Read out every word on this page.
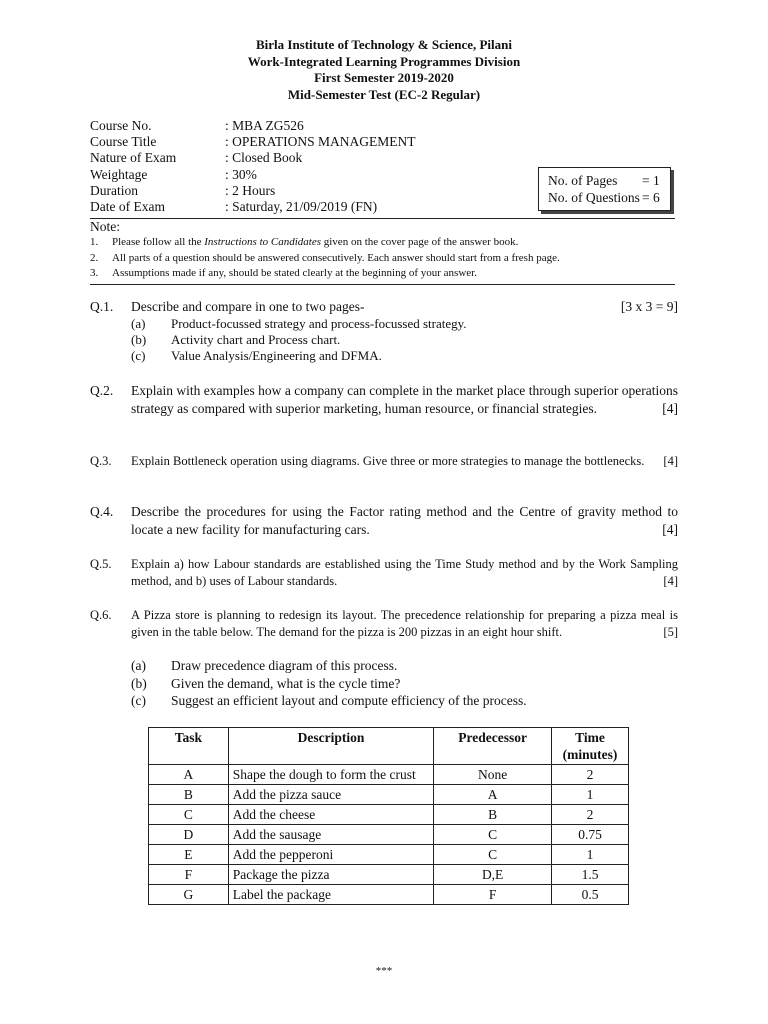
Birla Institute of Technology & Science, Pilani
Work-Integrated Learning Programmes Division
First Semester 2019-2020
Mid-Semester Test (EC-2 Regular)
Course No.	: MBA ZG526
Course Title	: OPERATIONS MANAGEMENT
Nature of Exam	: Closed Book
Weightage	: 30%
Duration	: 2 Hours
Date of Exam	: Saturday, 21/09/2019 (FN)
No. of Pages = 1
No. of Questions = 6
Note:
1. Please follow all the Instructions to Candidates given on the cover page of the answer book.
2. All parts of a question should be answered consecutively. Each answer should start from a fresh page.
3. Assumptions made if any, should be stated clearly at the beginning of your answer.
Q.1. Describe and compare in one to two pages-	[3 x 3 = 9]
(a) Product-focussed strategy and process-focussed strategy.
(b) Activity chart and Process chart.
(c) Value Analysis/Engineering and DFMA.
Q.2. Explain with examples how a company can complete in the market place through superior operations strategy as compared with superior marketing, human resource, or financial strategies.	[4]
Q.3. Explain Bottleneck operation using diagrams. Give three or more strategies to manage the bottlenecks. [4]
Q.4. Describe the procedures for using the Factor rating method and the Centre of gravity method to locate a new facility for manufacturing cars.	[4]
Q.5. Explain a) how Labour standards are established using the Time Study method and by the Work Sampling method, and b) uses of Labour standards.	[4]
Q.6. A Pizza store is planning to redesign its layout. The precedence relationship for preparing a pizza meal is given in the table below. The demand for the pizza is 200 pizzas in an eight hour shift.	[5]
(a) Draw precedence diagram of this process.
(b) Given the demand, what is the cycle time?
(c) Suggest an efficient layout and compute efficiency of the process.
Task	Description	Predecessor	Time (minutes)
A	Shape the dough to form the crust	None	2
B	Add the pizza sauce	A	1
C	Add the cheese	B	2
D	Add the sausage	C	0.75
E	Add the pepperoni	C	1
F	Package the pizza	D,E	1.5
G	Label the package	F	0.5
***
